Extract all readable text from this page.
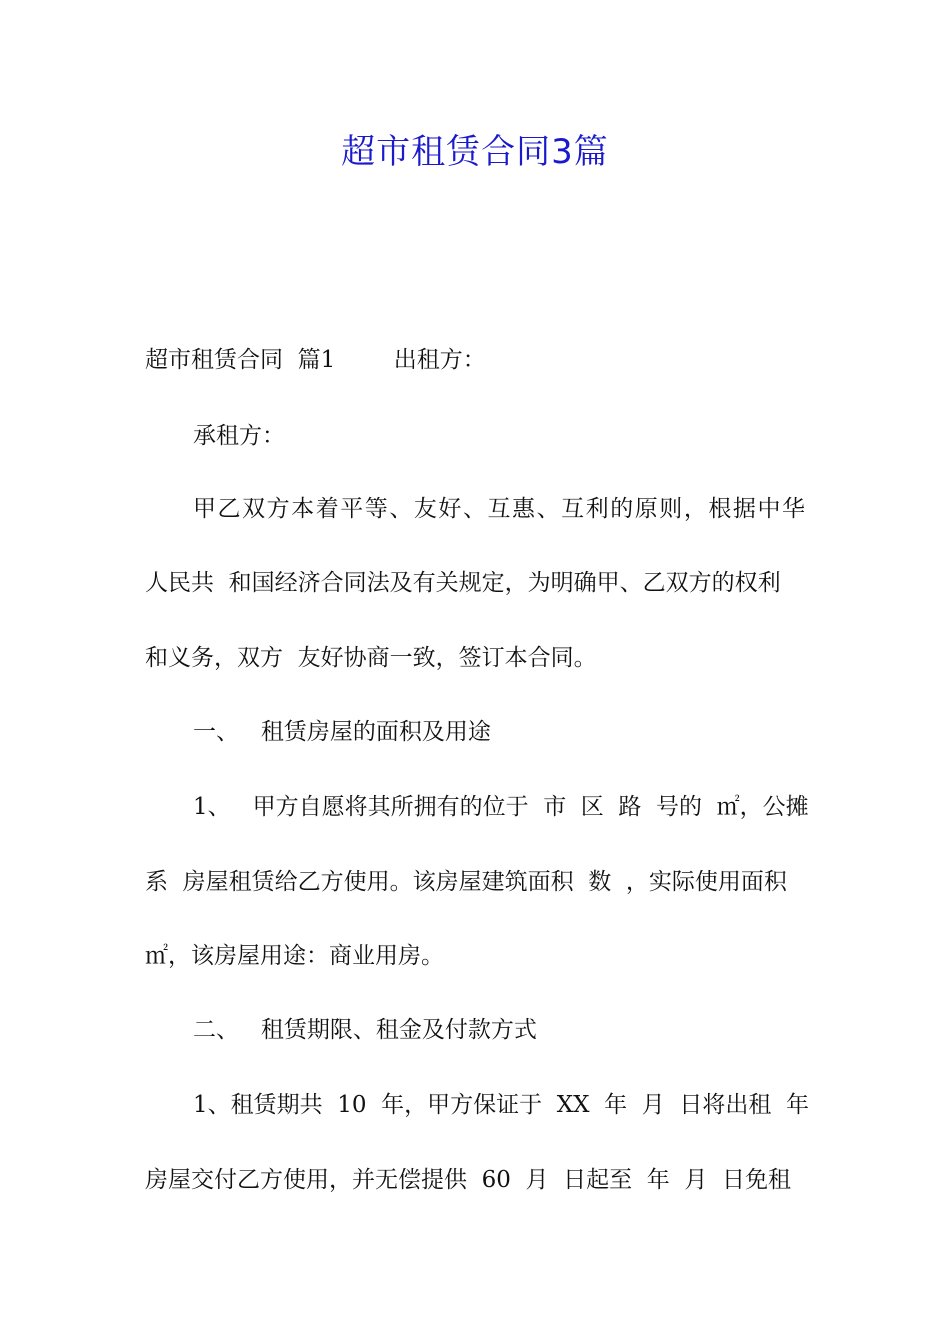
超市租赁合同3篇
超市租赁合同  篇1        出租方：
承租方：
甲乙双方本着平等、友好、互惠、互利的原则，根据中华
人民共  和国经济合同法及有关规定，为明确甲、乙双方的权利
和义务，双方  友好协商一致，签订本合同。
一、   租赁房屋的面积及用途
1、   甲方自愿将其所拥有的位于  市  区  路  号的  ㎡，公摊
系  房屋租赁给乙方使用。该房屋建筑面积  数  ，实际使用面积
㎡，该房屋用途：商业用房。
二、   租赁期限、租金及付款方式
1、租赁期共  10  年，甲方保证于  XX  年  月  日将出租  年
房屋交付乙方使用，并无偿提供  60  月  日起至  年  月  日免租
